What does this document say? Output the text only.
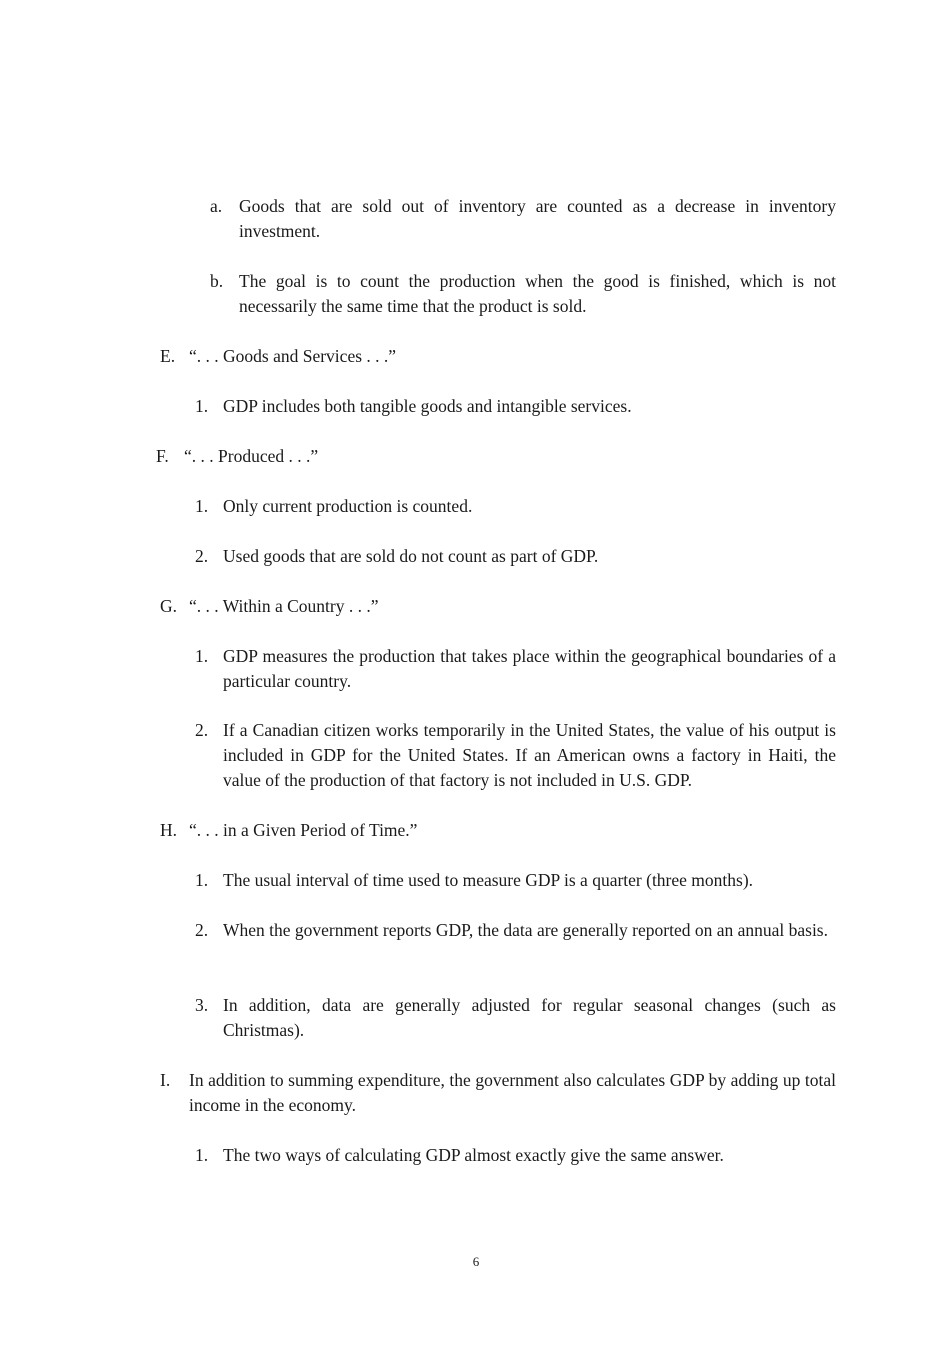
a. Goods that are sold out of inventory are counted as a decrease in inventory investment.
b. The goal is to count the production when the good is finished, which is not necessarily the same time that the product is sold.
E. “. . . Goods and Services . . .”
1. GDP includes both tangible goods and intangible services.
F. “. . . Produced . . .”
1. Only current production is counted.
2. Used goods that are sold do not count as part of GDP.
G. “. . . Within a Country . . .”
1. GDP measures the production that takes place within the geographical boundaries of a particular country.
2. If a Canadian citizen works temporarily in the United States, the value of his output is included in GDP for the United States. If an American owns a factory in Haiti, the value of the production of that factory is not included in U.S. GDP.
H. “. . . in a Given Period of Time.”
1. The usual interval of time used to measure GDP is a quarter (three months).
2. When the government reports GDP, the data are generally reported on an annual basis.
3. In addition, data are generally adjusted for regular seasonal changes (such as Christmas).
I.	In addition to summing expenditure, the government also calculates GDP by adding up total income in the economy.
1. The two ways of calculating GDP almost exactly give the same answer.
6
